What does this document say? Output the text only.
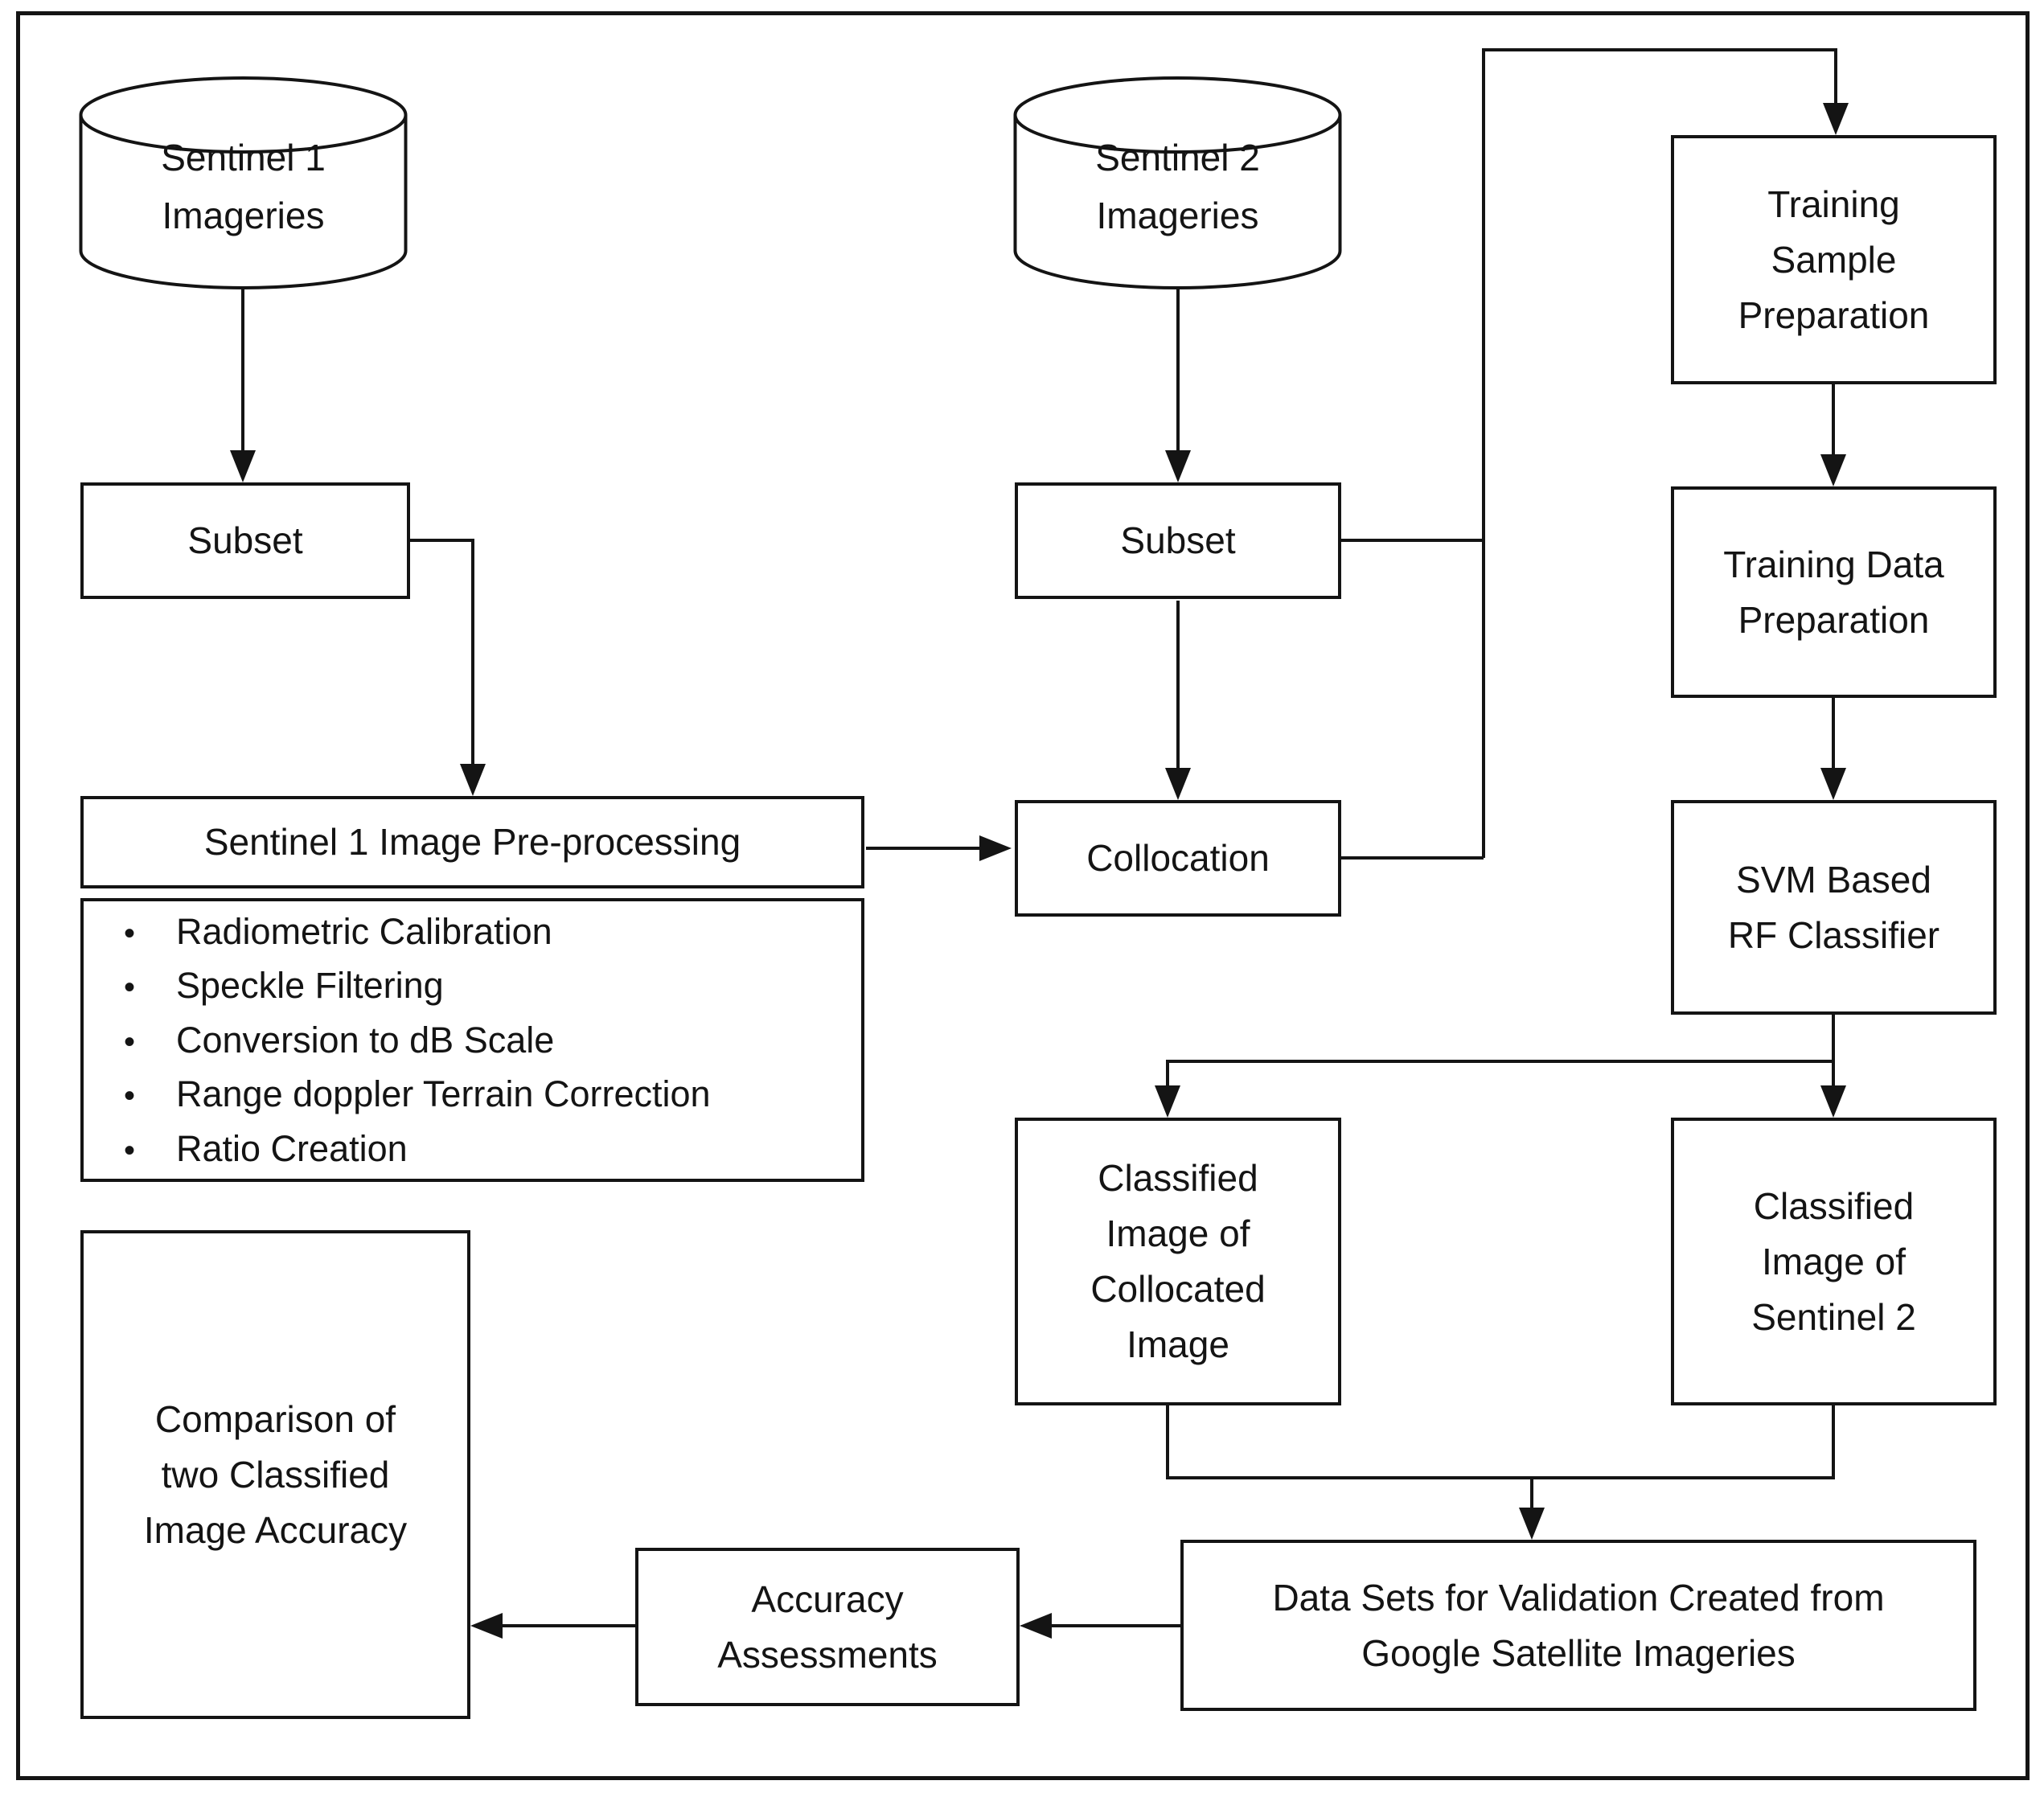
Sentinel 1
Imageries
Sentinel 2
Imageries
Subset
Sentinel 1 Image Pre-processing
•
Radiometric Calibration
•
Speckle Filtering
•
Conversion to dB Scale
•
Range doppler Terrain Correction
•
Ratio Creation
Subset
Collocation
Training
Sample
Preparation
Training Data
Preparation
SVM Based
RF Classifier
Classified
Image of
Collocated
Image
Classified
Image of
Sentinel 2
Data Sets for Validation Created from
Google Satellite Imageries
Accuracy
Assessments
Comparison of
two Classified
Image Accuracy
